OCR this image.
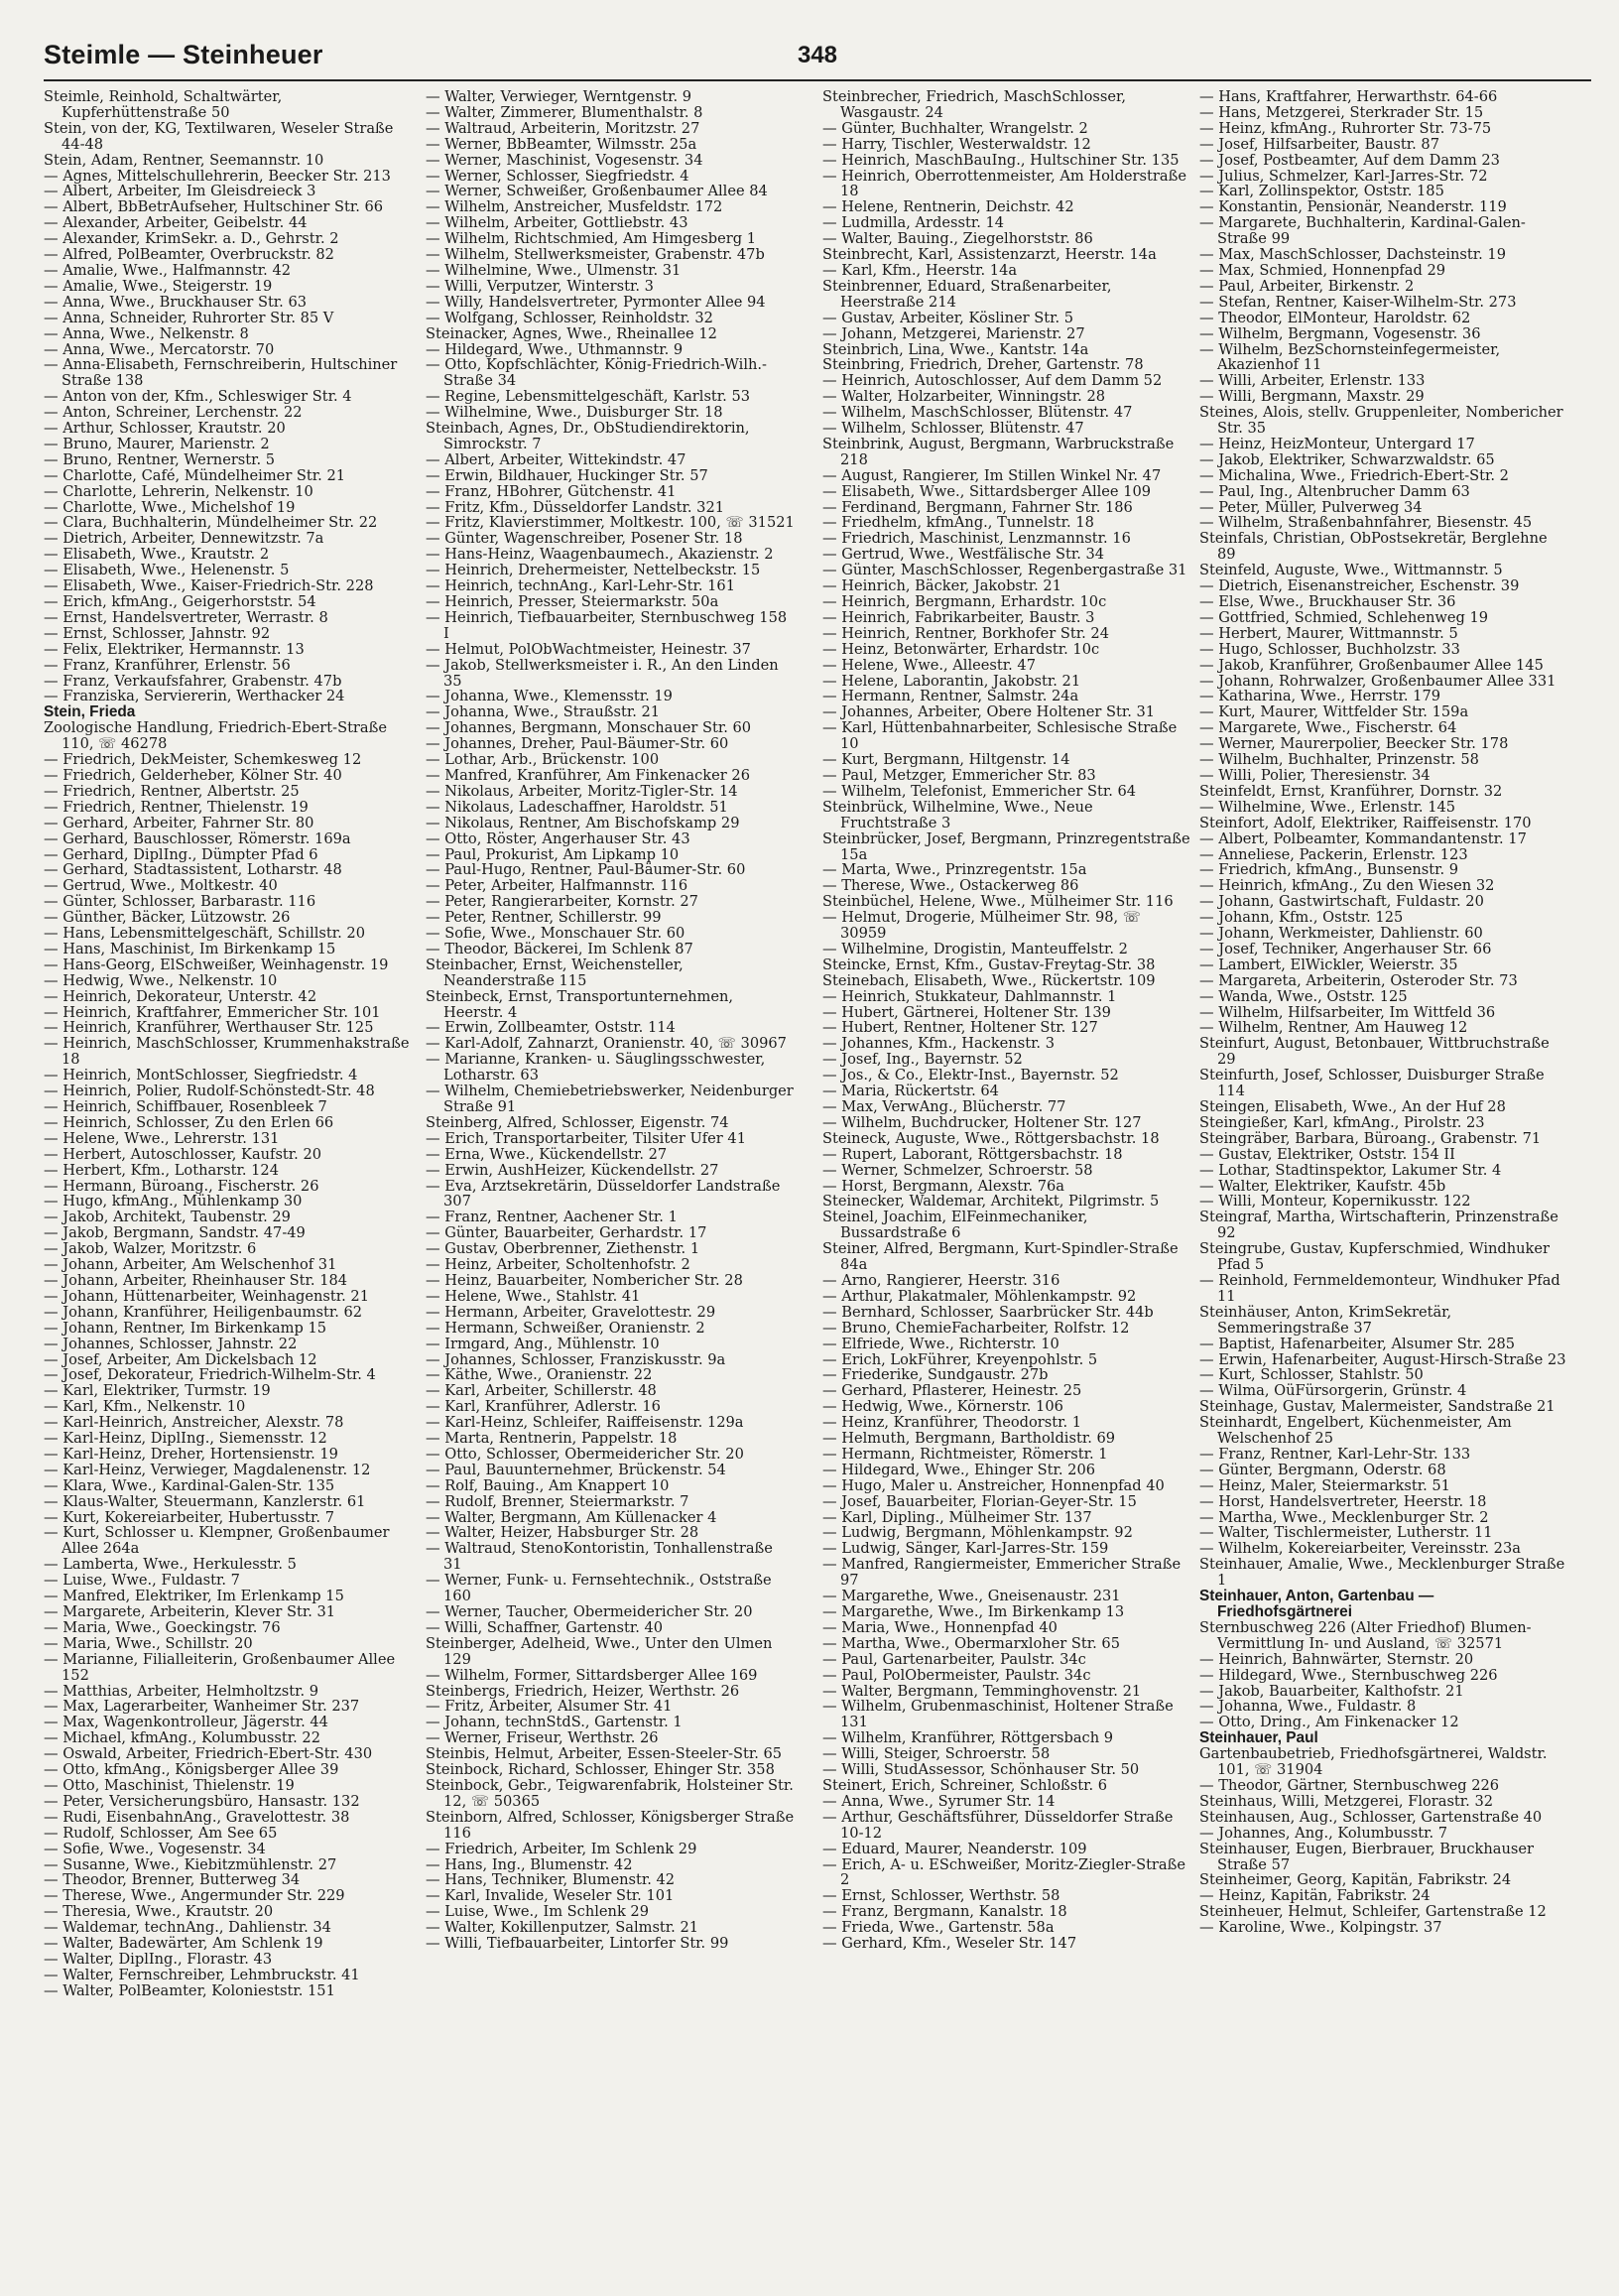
Steimle — Steinheuer	348
Steimle, Reinhold, Schaltwärter, Kupferhüttenstraße 50
Stein, von der, KG, Textilwaren, Weseler Straße 44-48
Stein, Adam, Rentner, Seemannstr. 10
— Agnes, Mittelschullehrerin, Beecker Str. 213
— Albert, Arbeiter, Im Gleisdreieck 3
— Albert, BbBetrAufseher, Hultschiner Str. 66
— Alexander, Arbeiter, Geibelstr. 44
— Alexander, KrimSekr. a. D., Gehrstr. 2
— Alfred, PolBeamter, Overbruckstr. 82
— Amalie, Wwe., Halfmannstr. 42
— Amalie, Wwe., Steigerstr. 19
— Anna, Wwe., Bruckhauser Str. 63
— Anna, Schneider, Ruhrorter Str. 85 V
— Anna, Wwe., Nelkenstr. 8
— Anna, Wwe., Mercatorstr. 70
— Anna-Elisabeth, Fernschreiberin, Hultschiner Straße 138
— Anton von der, Kfm., Schleswiger Str. 4
— Anton, Schreiner, Lerchenstr. 22
— Arthur, Schlosser, Krautstr. 20
— Bruno, Maurer, Marienstr. 2
— Bruno, Rentner, Wernerstr. 5
— Charlotte, Café, Mündelheimer Str. 21
— Charlotte, Lehrerin, Nelkenstr. 10
— Charlotte, Wwe., Michelshof 19
— Clara, Buchhalterin, Mündelheimer Str. 22
— Dietrich, Arbeiter, Dennewitzstr. 7a
— Elisabeth, Wwe., Krautstr. 2
— Elisabeth, Wwe., Helenenstr. 5
— Elisabeth, Wwe., Kaiser-Friedrich-Str. 228
— Erich, kfmAng., Geigerhorststr. 54
— Ernst, Handelsvertreter, Werrastr. 8
— Ernst, Schlosser, Jahnstr. 92
— Felix, Elektriker, Hermannstr. 13
— Franz, Kranführer, Erlenstr. 56
— Franz, Verkaufsfahrer, Grabenstr. 47b
— Franziska, Serviererin, Werthacker 24
Stein, Frieda
Zoologische Handlung, Friedrich-Ebert-Straße 110, ☏ 46278
— Friedrich, DekMeister, Schemkesweg 12
— Friedrich, Gelderheber, Kölner Str. 40
— Friedrich, Rentner, Albertstr. 25
— Friedrich, Rentner, Thielenstr. 19
— Gerhard, Arbeiter, Fahrner Str. 80
— Gerhard, Bauschlosser, Römerstr. 169a
— Gerhard, DiplIng., Dümpter Pfad 6
— Gerhard, Stadtassistent, Lotharstr. 48
— Gertrud, Wwe., Moltkestr. 40
— Günter, Schlosser, Barbarastr. 116
— Günther, Bäcker, Lützowstr. 26
— Hans, Lebensmittelgeschäft, Schillstr. 20
— Hans, Maschinist, Im Birkenkamp 15
— Hans-Georg, ElSchweißer, Weinhagenstr. 19
— Hedwig, Wwe., Nelkenstr. 10
— Heinrich, Dekorateur, Unterstr. 42
— Heinrich, Kraftfahrer, Emmericher Str. 101
— Heinrich, Kranführer, Werthauser Str. 125
— Heinrich, MaschSchlosser, Krummenhakstraße 18
— Heinrich, MontSchlosser, Siegfriedstr. 4
— Heinrich, Polier, Rudolf-Schönstedt-Str. 48
— Heinrich, Schiffbauer, Rosenbleek 7
— Heinrich, Schlosser, Zu den Erlen 66
— Helene, Wwe., Lehrerstr. 131
— Herbert, Autoschlosser, Kaufstr. 20
— Herbert, Kfm., Lotharstr. 124
— Hermann, Büroang., Fischerstr. 26
— Hugo, kfmAng., Mühlenkamp 30
— Jakob, Architekt, Taubenstr. 29
— Jakob, Bergmann, Sandstr. 47-49
— Jakob, Walzer, Moritzstr. 6
— Johann, Arbeiter, Am Welschenhof 31
— Johann, Arbeiter, Rheinhauser Str. 184
— Johann, Hüttenarbeiter, Weinhagenstr. 21
— Johann, Kranführer, Heiligenbaumstr. 62
— Johann, Rentner, Im Birkenkamp 15
— Johannes, Schlosser, Jahnstr. 22
— Josef, Arbeiter, Am Dickelsbach 12
— Josef, Dekorateur, Friedrich-Wilhelm-Str. 4
— Karl, Elektriker, Turmstr. 19
— Karl, Kfm., Nelkenstr. 10
— Karl-Heinrich, Anstreicher, Alexstr. 78
— Karl-Heinz, DiplIng., Siemensstr. 12
— Karl-Heinz, Dreher, Hortensienstr. 19
— Karl-Heinz, Verwieger, Magdalenenstr. 12
— Klara, Wwe., Kardinal-Galen-Str. 135
— Klaus-Walter, Steuermann, Kanzlerstr. 61
— Kurt, Kokereiarbeiter, Hubertusstr. 7
— Kurt, Schlosser u. Klempner, Großenbaumer Allee 264a
— Lamberta, Wwe., Herkulesstr. 5
— Luise, Wwe., Fuldastr. 7
— Manfred, Elektriker, Im Erlenkamp 15
— Margarete, Arbeiterin, Klever Str. 31
— Maria, Wwe., Goeckingstr. 76
— Maria, Wwe., Schillstr. 20
— Marianne, Filialleiterin, Großenbaumer Allee 152
— Matthias, Arbeiter, Helmholtzstr. 9
— Max, Lagerarbeiter, Wanheimer Str. 237
— Max, Wagenkontrolleur, Jägerstr. 44
— Michael, kfmAng., Kolumbusstr. 22
— Oswald, Arbeiter, Friedrich-Ebert-Str. 430
— Otto, kfmAng., Königsberger Allee 39
— Otto, Maschinist, Thielenstr. 19
— Peter, Versicherungsbüro, Hansastr. 132
— Rudi, EisenbahnAng., Gravelottestr. 38
— Rudolf, Schlosser, Am See 65
— Sofie, Wwe., Vogesenstr. 34
— Susanne, Wwe., Kiebitzmühlenstr. 27
— Theodor, Brenner, Butterweg 34
— Therese, Wwe., Angermunder Str. 229
— Theresia, Wwe., Krautstr. 20
— Waldemar, technAng., Dahlienstr. 34
— Walter, Badewärter, Am Schlenk 19
— Walter, DiplIng., Florastr. 43
— Walter, Fernschreiber, Lehmbruckstr. 41
— Walter, PolBeamter, Kolonieststr. 151
— Walter, Verwieger, Werntgenstr. 9
— Walter, Zimmerer, Blumenthalstr. 8
— Waltraud, Arbeiterin, Moritzstr. 27
— Werner, BbBeamter, Wilmsstr. 25a
— Werner, Maschinist, Vogesenstr. 34
— Werner, Schlosser, Siegfriedstr. 4
— Werner, Schweißer, Großenbaumer Allee 84
— Wilhelm, Anstreicher, Musfeldstr. 172
— Wilhelm, Arbeiter, Gottliebstr. 43
— Wilhelm, Richtschmied, Am Himgesberg 1
— Wilhelm, Stellwerksmeister, Grabenstr. 47b
— Wilhelmine, Wwe., Ulmenstr. 31
— Willi, Verputzer, Winterstr. 3
— Willy, Handelsvertreter, Pyrmonter Allee 94
— Wolfgang, Schlosser, Reinholdstr. 32
Steinacker, Agnes, Wwe., Rheinallee 12
— Hildegard, Wwe., Uthmannstr. 9
— Otto, Kopfschlächter, König-Friedrich-Wilh.-Straße 34
— Regine, Lebensmittelgeschäft, Karlstr. 53
— Wilhelmine, Wwe., Duisburger Str. 18
Steinbach, Agnes, Dr., ObStudiendirektorin, Simrockstr. 7
— Albert, Arbeiter, Wittekindstr. 47
— Erwin, Bildhauer, Huckinger Str. 57
— Franz, HBohrer, Gütchenstr. 41
— Fritz, Kfm., Düsseldorfer Landstr. 321
— Fritz, Klavierstimmer, Moltkestr. 100, ☏ 31521
— Günter, Wagenschreiber, Posener Str. 18
— Hans-Heinz, Waagenbaumech., Akazienstr. 2
— Heinrich, Drehermeister, Nettelbeckstr. 15
— Heinrich, technAng., Karl-Lehr-Str. 161
— Heinrich, Presser, Steiermarkstr. 50a
— Heinrich, Tiefbauarbeiter, Sternbuschweg 158 I
— Helmut, PolObWachtmeister, Heinestr. 37
— Jakob, Stellwerksmeister i. R., An den Linden 35
— Johanna, Wwe., Klemensstr. 19
— Johanna, Wwe., Straußstr. 21
— Johannes, Bergmann, Monschauer Str. 60
— Johannes, Dreher, Paul-Bäumer-Str. 60
— Lothar, Arb., Brückenstr. 100
— Manfred, Kranführer, Am Finkenacker 26
— Nikolaus, Arbeiter, Moritz-Tigler-Str. 14
— Nikolaus, Ladeschaffner, Haroldstr. 51
— Nikolaus, Rentner, Am Bischofskamp 29
— Otto, Röster, Angerhauser Str. 43
— Paul, Prokurist, Am Lipkamp 10
— Paul-Hugo, Rentner, Paul-Bäumer-Str. 60
— Peter, Arbeiter, Halfmannstr. 116
— Peter, Rangierarbeiter, Kornstr. 27
— Peter, Rentner, Schillerstr. 99
— Sofie, Wwe., Monschauer Str. 60
— Theodor, Bäckerei, Im Schlenk 87
Steinbacher, Ernst, Weichensteller, Neanderstraße 115
Steinbeck, Ernst, Transportunternehmen, Heerstr. 4
— Erwin, Zollbeamter, Oststr. 114
— Karl-Adolf, Zahnarzt, Oranienstr. 40, ☏ 30967
— Marianne, Kranken- u. Säuglingsschwester, Lotharstr. 63
— Wilhelm, Chemiebetriebswerker, Neidenburger Straße 91
Steinberg, Alfred, Schlosser, Eigenstr. 74
— Erich, Transportarbeiter, Tilsiter Ufer 41
— Erna, Wwe., Kückendellstr. 27
— Erwin, AushHeizer, Kückendellstr. 27
— Eva, Arztsekretärin, Düsseldorfer Landstraße 307
— Franz, Rentner, Aachener Str. 1
— Günter, Bauarbeiter, Gerhardstr. 17
— Gustav, Oberbrenner, Ziethenstr. 1
— Heinz, Arbeiter, Scholtenhofstr. 2
— Heinz, Bauarbeiter, Nombericher Str. 28
— Helene, Wwe., Stahlstr. 41
— Hermann, Arbeiter, Gravelottestr. 29
— Hermann, Schweißer, Oranienstr. 2
— Irmgard, Ang., Mühlenstr. 10
— Johannes, Schlosser, Franziskusstr. 9a
— Käthe, Wwe., Oranienstr. 22
— Karl, Arbeiter, Schillerstr. 48
— Karl, Kranführer, Adlerstr. 16
— Karl-Heinz, Schleifer, Raiffeisenstr. 129a
— Marta, Rentnerin, Pappelstr. 18
— Otto, Schlosser, Obermeidericher Str. 20
— Paul, Bauunternehmer, Brückenstr. 54
— Rolf, Bauing., Am Knappert 10
— Rudolf, Brenner, Steiermarkstr. 7
— Walter, Bergmann, Am Küllenacker 4
— Walter, Heizer, Habsburger Str. 28
— Waltraud, StenoKontoristin, Tonhallenstraße 31
— Werner, Funk- u. Fernsehtechnik., Oststraße 160
— Werner, Taucher, Obermeidericher Str. 20
— Willi, Schaffner, Gartenstr. 40
Steinberger, Adelheid, Wwe., Unter den Ulmen 129
— Wilhelm, Former, Sittardsberger Allee 169
Steinbergs, Friedrich, Heizer, Werthstr. 26
— Fritz, Arbeiter, Alsumer Str. 41
— Johann, technStdS., Gartenstr. 1
— Werner, Friseur, Werthstr. 26
Steinbis, Helmut, Arbeiter, Essen-Steeler-Str. 65
Steinbock, Richard, Schlosser, Ehinger Str. 358
Steinbock, Gebr., Teigwarenfabrik, Holsteiner Str. 12, ☏ 50365
Steinborn, Alfred, Schlosser, Königsberger Straße 116
— Friedrich, Arbeiter, Im Schlenk 29
— Hans, Ing., Blumenstr. 42
— Hans, Techniker, Blumenstr. 42
— Karl, Invalide, Weseler Str. 101
— Luise, Wwe., Im Schlenk 29
— Walter, Kokillenputzer, Salmstr. 21
— Willi, Tiefbauarbeiter, Lintorfer Str. 99
Steinbrecher, Friedrich, MaschSchlosser, Wasgaustr. 24
— Günter, Buchhalter, Wrangelstr. 2
— Harry, Tischler, Westerwaldstr. 12
— Heinrich, MaschBauIng., Hultschiner Str. 135
— Heinrich, Oberrottenmeister, Am Holderstraße 18
— Helene, Rentnerin, Deichstr. 42
— Ludmilla, Ardesstr. 14
— Walter, Bauing., Ziegelhorststr. 86
Steinbrecht, Karl, Assistenzarzt, Heerstr. 14a
— Karl, Kfm., Heerstr. 14a
Steinbrenner, Eduard, Straßenarbeiter, Heerstraße 214
— Gustav, Arbeiter, Kösliner Str. 5
— Johann, Metzgerei, Marienstr. 27
Steinbrich, Lina, Wwe., Kantstr. 14a
Steinbring, Friedrich, Dreher, Gartenstr. 78
— Heinrich, Autoschlosser, Auf dem Damm 52
— Walter, Holzarbeiter, Winningstr. 28
— Wilhelm, MaschSchlosser, Blütenstr. 47
— Wilhelm, Schlosser, Blütenstr. 47
Steinbrink, August, Bergmann, Warbruckstraße 218
— August, Rangierer, Im Stillen Winkel Nr. 47
— Elisabeth, Wwe., Sittardsberger Allee 109
— Ferdinand, Bergmann, Fahrner Str. 186
— Friedhelm, kfmAng., Tunnelstr. 18
— Friedrich, Maschinist, Lenzmannstr. 16
— Gertrud, Wwe., Westfälische Str. 34
— Günter, MaschSchlosser, Regenbergastraße 31
— Heinrich, Bäcker, Jakobstr. 21
— Heinrich, Bergmann, Erhardstr. 10c
— Heinrich, Fabrikarbeiter, Baustr. 3
— Heinrich, Rentner, Borkhofer Str. 24
— Heinz, Betonwärter, Erhardstr. 10c
— Helene, Wwe., Alleestr. 47
— Helene, Laborantin, Jakobstr. 21
— Hermann, Rentner, Salmstr. 24a
— Johannes, Arbeiter, Obere Holtener Str. 31
— Karl, Hüttenbahnarbeiter, Schlesische Straße 10
— Kurt, Bergmann, Hiltgenstr. 14
— Paul, Metzger, Emmericher Str. 83
— Wilhelm, Telefonist, Emmericher Str. 64
Steinbrück, Wilhelmine, Wwe., Neue Fruchtstraße 3
Steinbrücker, Josef, Bergmann, Prinzregentstraße 15a
— Marta, Wwe., Prinzregentstr. 15a
— Therese, Wwe., Ostackerweg 86
Steinbüchel, Helene, Wwe., Mülheimer Str. 116
— Helmut, Drogerie, Mülheimer Str. 98, ☏ 30959
— Wilhelmine, Drogistin, Manteuffelstr. 2
Steincke, Ernst, Kfm., Gustav-Freytag-Str. 38
Steinebach, Elisabeth, Wwe., Rückertstr. 109
— Heinrich, Stukkateur, Dahlmannstr. 1
— Hubert, Gärtnerei, Holtener Str. 139
— Hubert, Rentner, Holtener Str. 127
— Johannes, Kfm., Hackenstr. 3
— Josef, Ing., Bayernstr. 52
— Jos., & Co., Elektr-Inst., Bayernstr. 52
— Maria, Rückertstr. 64
— Max, VerwAng., Blücherstr. 77
— Wilhelm, Buchdrucker, Holtener Str. 127
Steineck, Auguste, Wwe., Röttgersbachstr. 18
— Rupert, Laborant, Röttgersbachstr. 18
— Werner, Schmelzer, Schroerstr. 58
— Horst, Bergmann, Alexstr. 76a
Steinecker, Waldemar, Architekt, Pilgrimstr. 5
Steinel, Joachim, ElFeinmechaniker, Bussardstraße 6
Steiner, Alfred, Bergmann, Kurt-Spindler-Straße 84a
— Arno, Rangierer, Heerstr. 316
— Arthur, Plakatmaler, Möhlenkampstr. 92
— Bernhard, Schlosser, Saarbrücker Str. 44b
— Bruno, ChemieFacharbeiter, Rolfstr. 12
— Elfriede, Wwe., Richterstr. 10
— Erich, LokFührer, Kreyenpohlstr. 5
— Friederike, Sundgaustr. 27b
— Gerhard, Pflasterer, Heinestr. 25
— Hedwig, Wwe., Körnerstr. 106
— Heinz, Kranführer, Theodorstr. 1
— Helmuth, Bergmann, Bartholdistr. 69
— Hermann, Richtmeister, Römerstr. 1
— Hildegard, Wwe., Ehinger Str. 206
— Hugo, Maler u. Anstreicher, Honnenpfad 40
— Josef, Bauarbeiter, Florian-Geyer-Str. 15
— Karl, Dipling., Mülheimer Str. 137
— Ludwig, Bergmann, Möhlenkampstr. 92
— Ludwig, Sänger, Karl-Jarres-Str. 159
— Manfred, Rangiermeister, Emmericher Straße 97
— Margarethe, Wwe., Gneisenaustr. 231
— Margarethe, Wwe., Im Birkenkamp 13
— Maria, Wwe., Honnenpfad 40
— Martha, Wwe., Obermarxloher Str. 65
— Paul, Gartenarbeiter, Paulstr. 34c
— Paul, PolObermeister, Paulstr. 34c
— Walter, Bergmann, Temminghovenstr. 21
— Wilhelm, Grubenmaschinist, Holtener Straße 131
— Wilhelm, Kranführer, Röttgersbach 9
— Willi, Steiger, Schroerstr. 58
— Willi, StudAssessor, Schönhauser Str. 50
Steinert, Erich, Schreiner, Schloßstr. 6
— Anna, Wwe., Syrumer Str. 14
— Arthur, Geschäftsführer, Düsseldorfer Straße 10-12
— Eduard, Maurer, Neanderstr. 109
— Erich, A- u. ESchweißer, Moritz-Ziegler-Straße 2
— Ernst, Schlosser, Werthstr. 58
— Franz, Bergmann, Kanalstr. 18
— Frieda, Wwe., Gartenstr. 58a
— Gerhard, Kfm., Weseler Str. 147
— Hans, Kraftfahrer, Herwarthstr. 64-66
— Hans, Metzgerei, Sterkrader Str. 15
— Heinz, kfmAng., Ruhrorter Str. 73-75
— Josef, Hilfsarbeiter, Baustr. 87
— Josef, Postbeamter, Auf dem Damm 23
— Julius, Schmelzer, Karl-Jarres-Str. 72
— Karl, Zollinspektor, Oststr. 185
— Konstantin, Pensionär, Neanderstr. 119
— Margarete, Buchhalterin, Kardinal-Galen-Straße 99
— Max, MaschSchlosser, Dachsteinstr. 19
— Max, Schmied, Honnenpfad 29
— Paul, Arbeiter, Birkenstr. 2
— Stefan, Rentner, Kaiser-Wilhelm-Str. 273
— Theodor, ElMonteur, Haroldstr. 62
— Wilhelm, Bergmann, Vogesenstr. 36
— Wilhelm, BezSchornsteinfegermeister, Akazienhof 11
— Willi, Arbeiter, Erlenstr. 133
— Willi, Bergmann, Maxstr. 29
Steines, Alois, stellv. Gruppenleiter, Nombericher Str. 35
— Heinz, HeizMonteur, Untergard 17
— Jakob, Elektriker, Schwarzwaldstr. 65
— Michalina, Wwe., Friedrich-Ebert-Str. 2
— Paul, Ing., Altenbrucher Damm 63
— Peter, Müller, Pulverweg 34
— Wilhelm, Straßenbahnfahrer, Biesenstr. 45
Steinfals, Christian, ObPostsekretär, Berglehne 89
Steinfeld, Auguste, Wwe., Wittmannstr. 5
— Dietrich, Eisenanstreicher, Eschenstr. 39
— Else, Wwe., Bruckhauser Str. 36
— Gottfried, Schmied, Schlehenweg 19
— Herbert, Maurer, Wittmannstr. 5
— Hugo, Schlosser, Buchholzstr. 33
— Jakob, Kranführer, Großenbaumer Allee 145
— Johann, Rohrwalzer, Großenbaumer Allee 331
— Katharina, Wwe., Herrstr. 179
— Kurt, Maurer, Wittfelder Str. 159a
— Margarete, Wwe., Fischerstr. 64
— Werner, Maurerpolier, Beecker Str. 178
— Wilhelm, Buchhalter, Prinzenstr. 58
— Willi, Polier, Theresienstr. 34
Steinfeldt, Ernst, Kranführer, Dornstr. 32
— Wilhelmine, Wwe., Erlenstr. 145
Steinfort, Adolf, Elektriker, Raiffeisenstr. 170
— Albert, Polbeamter, Kommandantenstr. 17
— Anneliese, Packerin, Erlenstr. 123
— Friedrich, kfmAng., Bunsenstr. 9
— Heinrich, kfmAng., Zu den Wiesen 32
— Johann, Gastwirtschaft, Fuldastr. 20
— Johann, Kfm., Oststr. 125
— Johann, Werkmeister, Dahlienstr. 60
— Josef, Techniker, Angerhauser Str. 66
— Lambert, ElWickler, Weierstr. 35
— Margareta, Arbeiterin, Osteroder Str. 73
— Wanda, Wwe., Oststr. 125
— Wilhelm, Hilfsarbeiter, Im Wittfeld 36
— Wilhelm, Rentner, Am Hauweg 12
Steinfurt, August, Betonbauer, Wittbruchstraße 29
Steinfurth, Josef, Schlosser, Duisburger Straße 114
Steingen, Elisabeth, Wwe., An der Huf 28
Steingießer, Karl, kfmAng., Pirolstr. 23
Steingräber, Barbara, Büroang., Grabenstr. 71
— Gustav, Elektriker, Oststr. 154 II
— Lothar, Stadtinspektor, Lakumer Str. 4
— Walter, Elektriker, Kaufstr. 45b
— Willi, Monteur, Kopernikusstr. 122
Steingraf, Martha, Wirtschafterin, Prinzenstraße 92
Steingrube, Gustav, Kupferschmied, Windhuker Pfad 5
— Reinhold, Fernmeldemonteur, Windhuker Pfad 11
Steinhäuser, Anton, KrimSekretär, Semmeringstraße 37
— Baptist, Hafenarbeiter, Alsumer Str. 285
— Erwin, Hafenarbeiter, August-Hirsch-Straße 23
— Kurt, Schlosser, Stahlstr. 50
— Wilma, OüFürsorgerin, Grünstr. 4
Steinhage, Gustav, Malermeister, Sandstraße 21
Steinhardt, Engelbert, Küchenmeister, Am Welschenhof 25
— Franz, Rentner, Karl-Lehr-Str. 133
— Günter, Bergmann, Oderstr. 68
— Heinz, Maler, Steiermarkstr. 51
— Horst, Handelsvertreter, Heerstr. 18
— Martha, Wwe., Mecklenburger Str. 2
— Walter, Tischlermeister, Lutherstr. 11
— Wilhelm, Kokereiarbeiter, Vereinsstr. 23a
Steinhauer, Amalie, Wwe., Mecklenburger Straße 1
Steinhauer, Anton, Gartenbau — Friedhofsgärtnerei
Sternbuschweg 226 (Alter Friedhof) Blumen-Vermittlung In- und Ausland, ☏ 32571
— Heinrich, Bahnwärter, Sternstr. 20
— Hildegard, Wwe., Sternbuschweg 226
— Jakob, Bauarbeiter, Kalthofstr. 21
— Johanna, Wwe., Fuldastr. 8
— Otto, Dring., Am Finkenacker 12
Steinhauer, Paul
Gartenbaubetrieb, Friedhofsgärtnerei, Waldstr. 101, ☏ 31904
— Theodor, Gärtner, Sternbuschweg 226
Steinhaus, Willi, Metzgerei, Florastr. 32
Steinhausen, Aug., Schlosser, Gartenstraße 40
— Johannes, Ang., Kolumbusstr. 7
Steinhauser, Eugen, Bierbrauer, Bruckhauser Straße 57
Steinheimer, Georg, Kapitän, Fabrikstr. 24
— Heinz, Kapitän, Fabrikstr. 24
Steinheuer, Helmut, Schleifer, Gartenstraße 12
— Karoline, Wwe., Kolpingstr. 37
